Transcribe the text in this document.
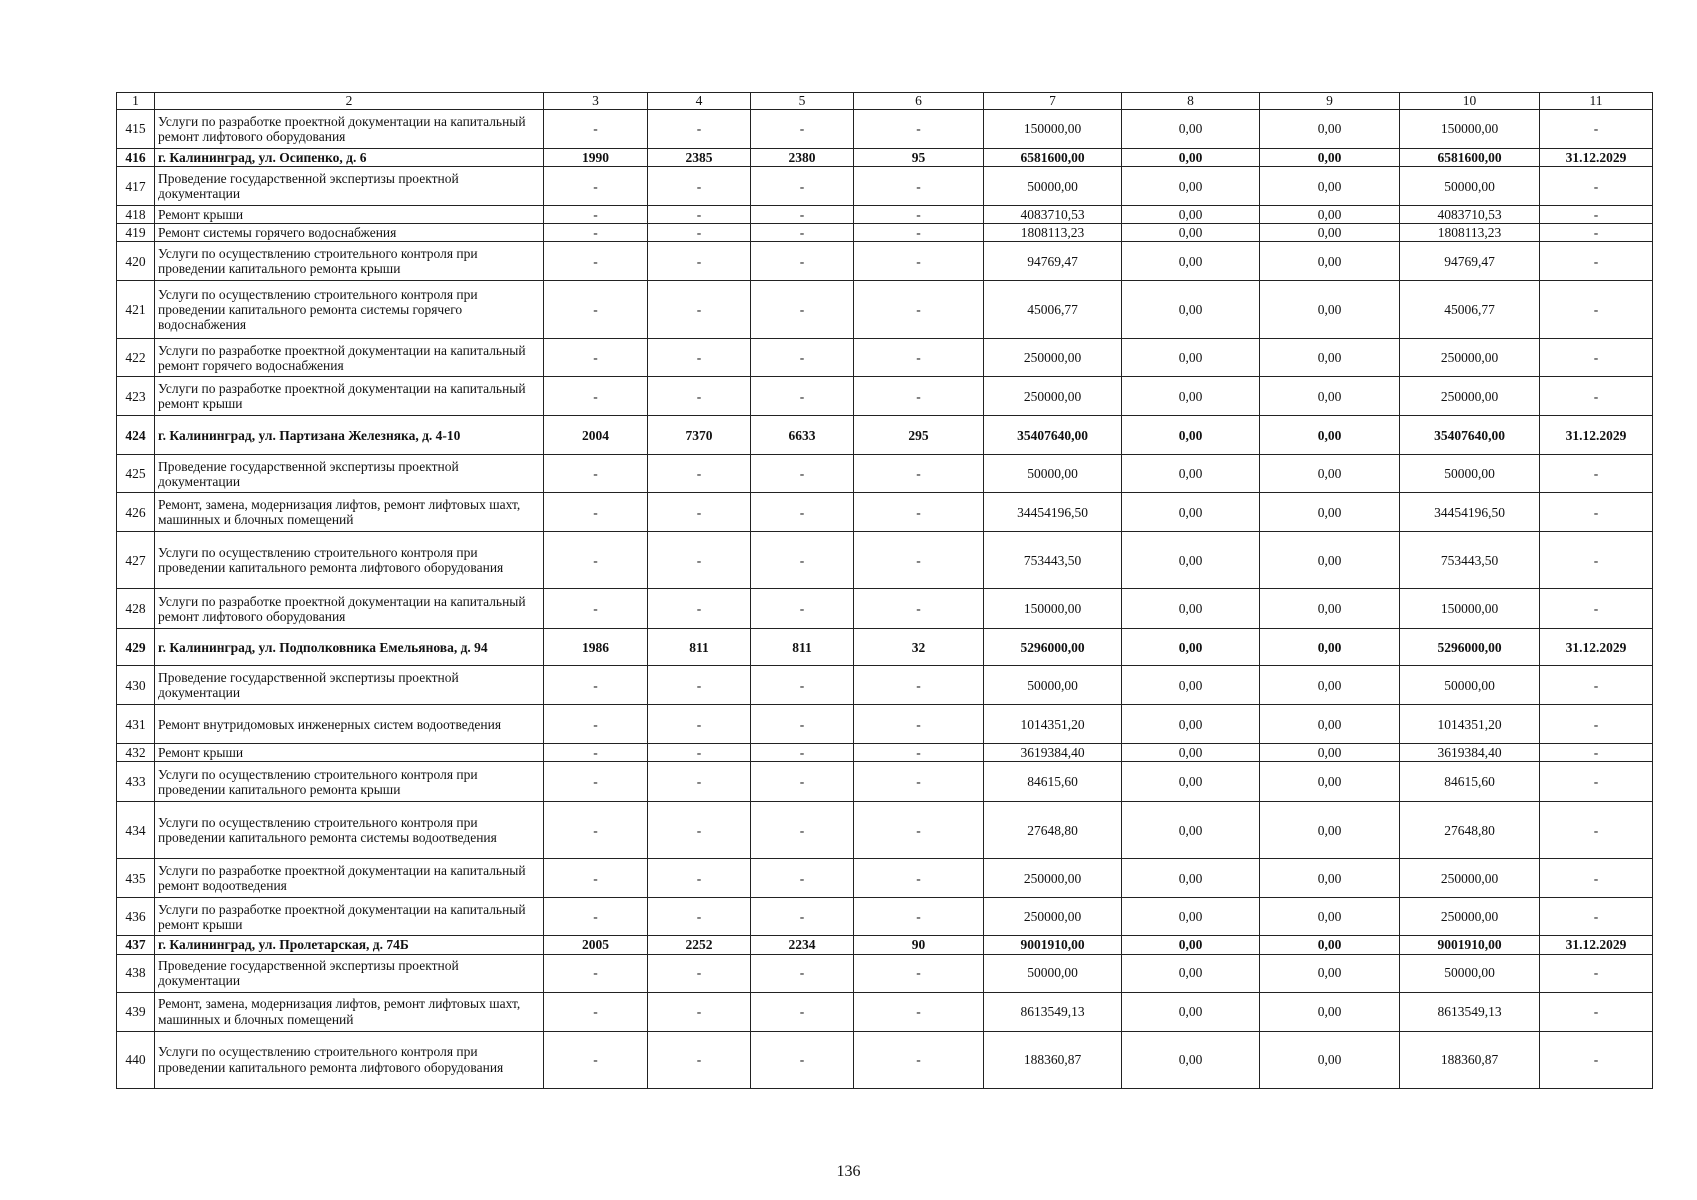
1	2	3	4	5	6	7	8	9	10	11
415	Услуги по разработке проектной документации на капитальный ремонт лифтового оборудования	-	-	-	-	150000,00	0,00	0,00	150000,00	-
416	г. Калининград, ул. Осипенко, д. 6	1990	2385	2380	95	6581600,00	0,00	0,00	6581600,00	31.12.2029
417	Проведение государственной экспертизы проектной документации	-	-	-	-	50000,00	0,00	0,00	50000,00	-
418	Ремонт крыши	-	-	-	-	4083710,53	0,00	0,00	4083710,53	-
419	Ремонт системы горячего водоснабжения	-	-	-	-	1808113,23	0,00	0,00	1808113,23	-
420	Услуги по осуществлению строительного контроля при проведении капитального ремонта крыши	-	-	-	-	94769,47	0,00	0,00	94769,47	-
421	Услуги по осуществлению строительного контроля при проведении капитального ремонта системы горячего водоснабжения	-	-	-	-	45006,77	0,00	0,00	45006,77	-
422	Услуги по разработке проектной документации на капитальный ремонт горячего водоснабжения	-	-	-	-	250000,00	0,00	0,00	250000,00	-
423	Услуги по разработке проектной документации на капитальный ремонт крыши	-	-	-	-	250000,00	0,00	0,00	250000,00	-
424	г. Калининград, ул. Партизана Железняка, д. 4-10	2004	7370	6633	295	35407640,00	0,00	0,00	35407640,00	31.12.2029
425	Проведение государственной экспертизы проектной документации	-	-	-	-	50000,00	0,00	0,00	50000,00	-
426	Ремонт, замена, модернизация лифтов, ремонт лифтовых шахт, машинных и блочных помещений	-	-	-	-	34454196,50	0,00	0,00	34454196,50	-
427	Услуги по осуществлению строительного контроля при проведении капитального ремонта лифтового оборудования	-	-	-	-	753443,50	0,00	0,00	753443,50	-
428	Услуги по разработке проектной документации на капитальный ремонт лифтового оборудования	-	-	-	-	150000,00	0,00	0,00	150000,00	-
429	г. Калининград, ул. Подполковника Емельянова, д. 94	1986	811	811	32	5296000,00	0,00	0,00	5296000,00	31.12.2029
430	Проведение государственной экспертизы проектной документации	-	-	-	-	50000,00	0,00	0,00	50000,00	-
431	Ремонт внутридомовых инженерных систем водоотведения	-	-	-	-	1014351,20	0,00	0,00	1014351,20	-
432	Ремонт крыши	-	-	-	-	3619384,40	0,00	0,00	3619384,40	-
433	Услуги по осуществлению строительного контроля при проведении капитального ремонта крыши	-	-	-	-	84615,60	0,00	0,00	84615,60	-
434	Услуги по осуществлению строительного контроля при проведении капитального ремонта системы водоотведения	-	-	-	-	27648,80	0,00	0,00	27648,80	-
435	Услуги по разработке проектной документации на капитальный ремонт водоотведения	-	-	-	-	250000,00	0,00	0,00	250000,00	-
436	Услуги по разработке проектной документации на капитальный ремонт крыши	-	-	-	-	250000,00	0,00	0,00	250000,00	-
437	г. Калининград, ул. Пролетарская, д. 74Б	2005	2252	2234	90	9001910,00	0,00	0,00	9001910,00	31.12.2029
438	Проведение государственной экспертизы проектной документации	-	-	-	-	50000,00	0,00	0,00	50000,00	-
439	Ремонт, замена, модернизация лифтов, ремонт лифтовых шахт, машинных и блочных помещений	-	-	-	-	8613549,13	0,00	0,00	8613549,13	-
440	Услуги по осуществлению строительного контроля при проведении капитального ремонта лифтового оборудования	-	-	-	-	188360,87	0,00	0,00	188360,87	-
136
